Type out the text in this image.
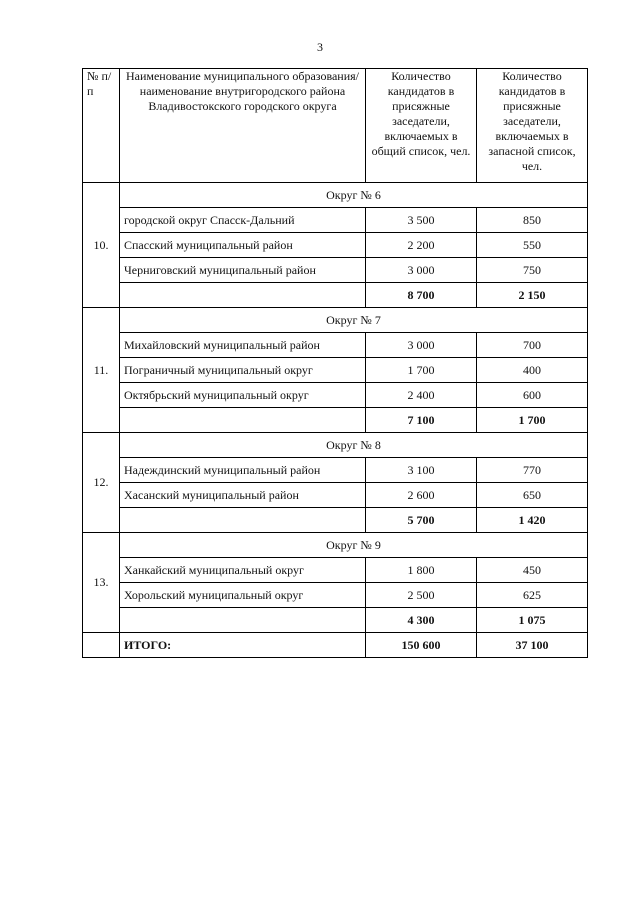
3
№ п/п	Наименование муниципального образования/наименование внутригородского района Владивостокского городского округа	Количество кандидатов в присяжные заседатели, включаемых в общий список, чел.	Количество кандидатов в присяжные заседатели, включаемых в запасной список, чел.
10.	Округ № 6		
	городской округ Спасск-Дальний	3 500	850
	Спасский муниципальный район	2 200	550
	Черниговский муниципальный район	3 000	750
		8 700	2 150
11.	Округ № 7		
	Михайловский муниципальный район	3 000	700
	Пограничный муниципальный округ	1 700	400
	Октябрьский муниципальный округ	2 400	600
		7 100	1 700
12.	Округ № 8		
	Надеждинский муниципальный район	3 100	770
	Хасанский муниципальный район	2 600	650
		5 700	1 420
13.	Округ № 9		
	Ханкайский муниципальный округ	1 800	450
	Хорольский муниципальный округ	2 500	625
		4 300	1 075
	ИТОГО:	150 600	37 100
